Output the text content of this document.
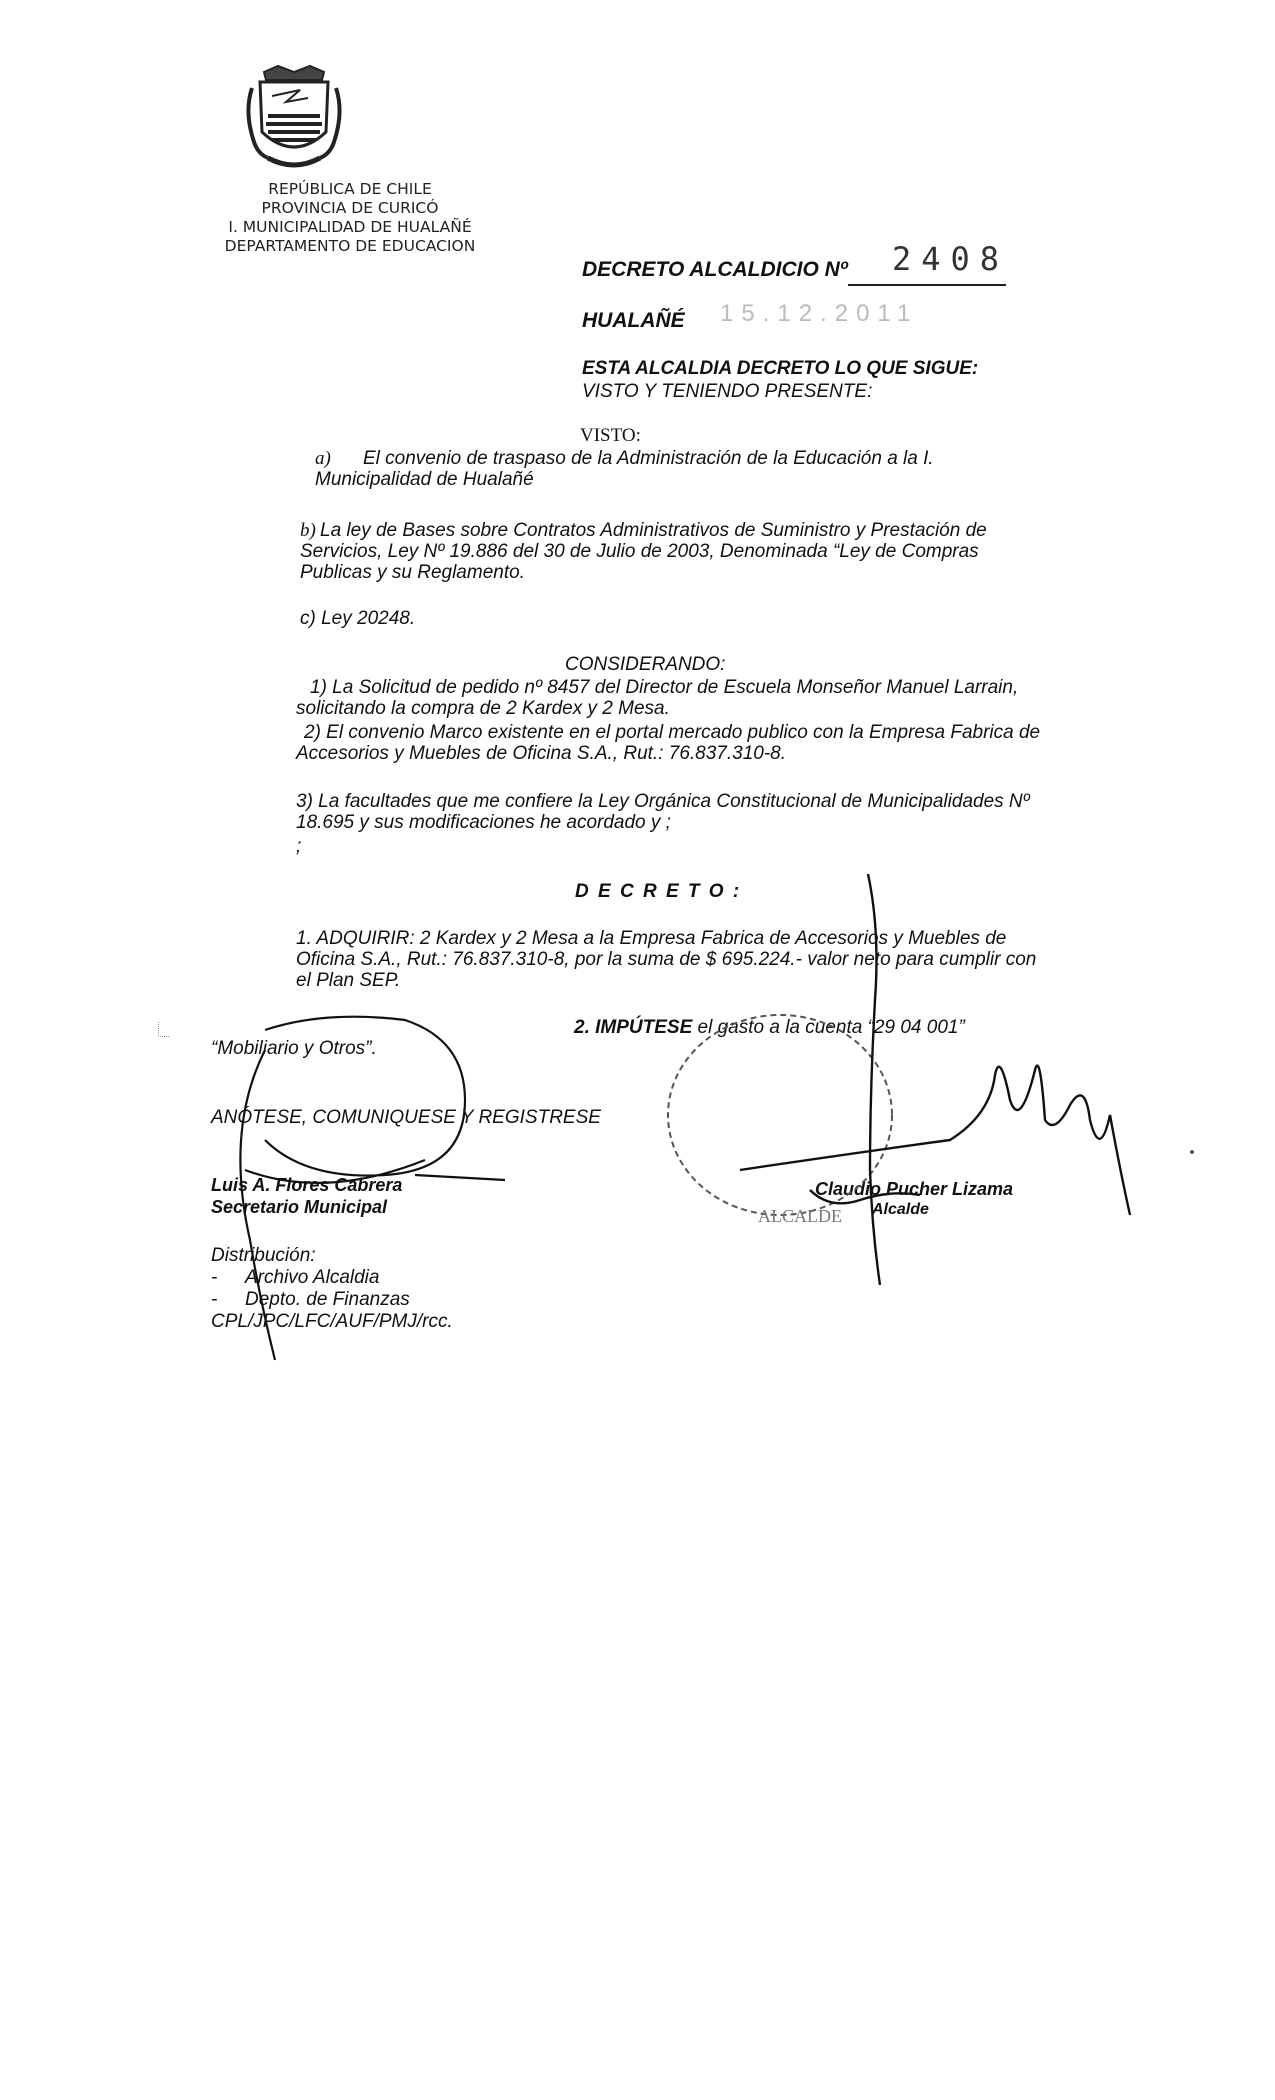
REPÚBLICA DE CHILE
PROVINCIA DE CURICÓ
I. MUNICIPALIDAD DE HUALAÑÉ
DEPARTAMENTO DE EDUCACION
DECRETO ALCALDICIO Nº 2408
HUALAÑÉ 15.12.2011
ESTA ALCALDIA DECRETO LO QUE SIGUE:
VISTO Y TENIENDO PRESENTE:
VISTO:
a) El convenio de traspaso de la Administración de la Educación a la I. Municipalidad de Hualañé
b) La ley de Bases sobre Contratos Administrativos de Suministro y Prestación de Servicios, Ley Nº 19.886 del 30 de Julio de 2003, Denominada “Ley de Compras Publicas y su Reglamento.
c) Ley 20248.
CONSIDERANDO:
1) La Solicitud de pedido nº 8457 del Director de Escuela Monseñor Manuel Larrain, solicitando la compra de 2 Kardex y 2 Mesa.
2) El convenio Marco existente en el portal mercado publico con la Empresa Fabrica de Accesorios y Muebles de Oficina S.A., Rut.: 76.837.310-8.
3) La facultades que me confiere la Ley Orgánica Constitucional de Municipalidades Nº 18.695 y sus modificaciones he acordado y ;
;
D E C R E T O :
1. ADQUIRIR: 2 Kardex y 2 Mesa a la Empresa Fabrica de Accesorios y Muebles de Oficina S.A., Rut.: 76.837.310-8, por la suma de $ 695.224.- valor neto para cumplir con el Plan SEP.
2. IMPÚTESE el gasto a la cuenta “29 04 001”
“Mobiliario y Otros”.
ANÓTESE, COMUNIQUESE Y REGISTRESE
Luis A. Flores Cabrera
Secretario Municipal
Claudio Pucher Lizama
Alcalde
Distribución:
- Archivo Alcaldia
- Depto. de Finanzas
CPL/JPC/LFC/AUF/PMJ/rcc.
ALCALDE
